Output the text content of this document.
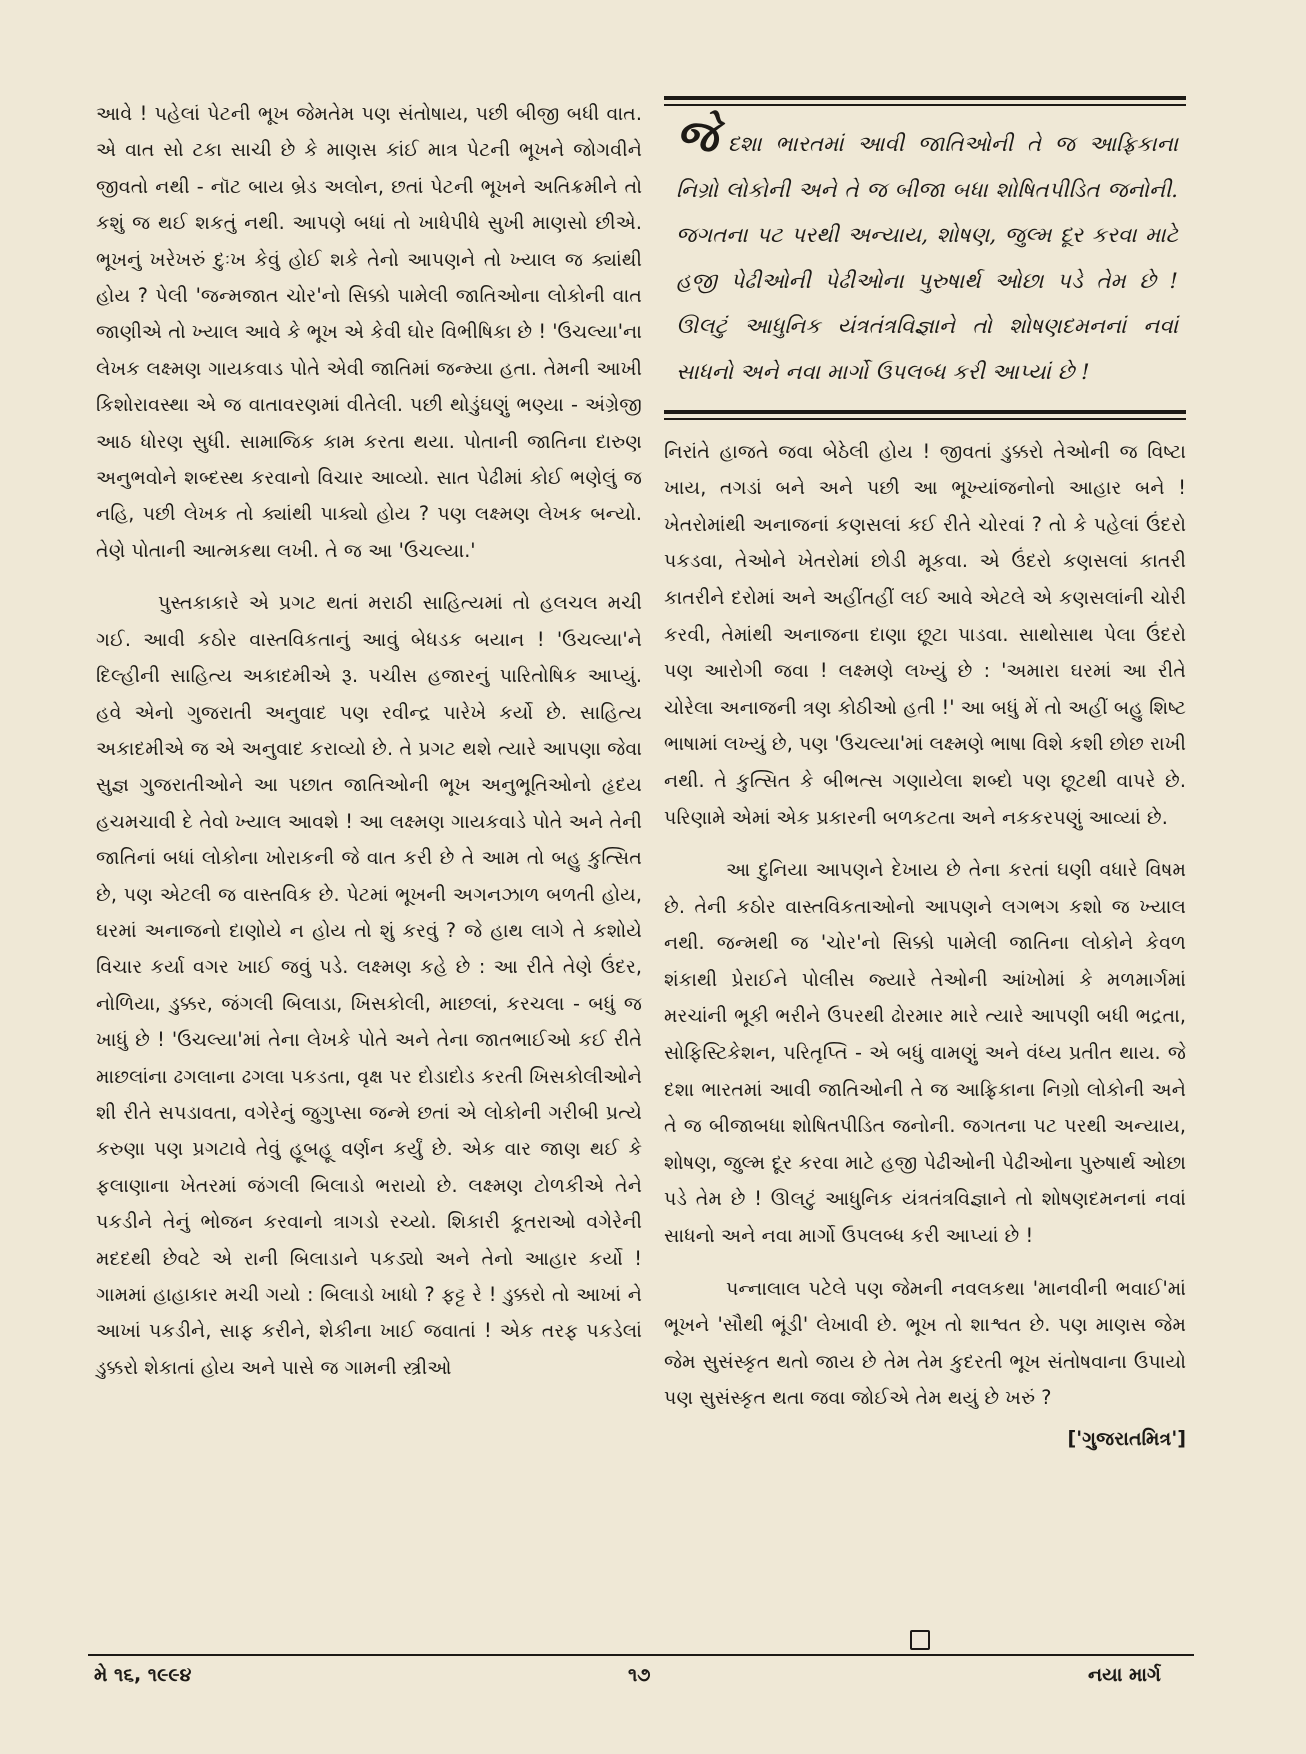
આવે ! પહેલાં પેટની ભૂખ જેમતેમ પણ સંતોષાય, પછી બીજી બધી વાત. એ વાત સો ટકા સાચી છે કે માણસ કાંઈ માત્ર પેટની ભૂખને જોગવીને જીવતો નથી - નૉટ બાય બ્રેડ અલોન, છતાં પેટની ભૂખને અતિક્રમીને તો કશું જ થઈ શકતું નથી. આપણે બધાં તો ખાધેપીધે સુખી માણસો છીએ. ભૂખનું ખરેખરું દુઃખ કેવું હોઈ શકે તેનો આપણને તો ખ્યાલ જ ક્યાંથી હોય ? પેલી 'જન્મજાત ચોર'નો સિક્કો પામેલી જાતિઓના લોકોની વાત જાણીએ તો ખ્યાલ આવે કે ભૂખ એ કેવી ઘોર વિભીષિકા છે ! 'ઉચલ્યા'ના લેખક લક્ષ્મણ ગાયકવાડ પોતે એવી જાતિમાં જન્મ્યા હતા. તેમની આખી કિશોરાવસ્થા એ જ વાતાવરણમાં વીતેલી. પછી થોડુંઘણું ભણ્યા - અંગ્રેજી આઠ ધોરણ સુધી. સામાજિક કામ કરતા થયા. પોતાની જાતિના દારુણ અનુભવોને શબ્દસ્થ કરવાનો વિચાર આવ્યો. સાત પેઢીમાં કોઈ ભણેલું જ નહિ, પછી લેખક તો ક્યાંથી પાક્યો હોય ? પણ લક્ષ્મણ લેખક બન્યો. તેણે પોતાની આત્મકથા લખી. તે જ આ 'ઉચલ્યા.'

પુસ્તકાકારે એ પ્રગટ થતાં મરાઠી સાહિત્યમાં તો હલચલ મચી ગઈ. આવી કઠોર વાસ્તવિકતાનું આવું બેધડક બયાન ! 'ઉચલ્યા'ને દિલ્હીની સાહિત્ય અકાદમીએ રૂ. પચીસ હજારનું પારિતોષિક આપ્યું. હવે એનો ગુજરાતી અનુવાદ પણ રવીન્દ્ર પારેખે કર્યો છે. સાહિત્ય અકાદમીએ જ એ અનુવાદ કરાવ્યો છે. તે પ્રગટ થશે ત્યારે આપણા જેવા સુજ્ઞ ગુજરાતીઓને આ પછાત જાતિઓની ભૂખ અનુભૂતિઓનો હૃદય હચમચાવી દે તેવો ખ્યાલ આવશે ! આ લક્ષ્મણ ગાયકવાડે પોતે અને તેની જાતિનાં બધાં લોકોના ખોરાકની જે વાત કરી છે તે આમ તો બહુ કુત્સિત છે, પણ એટલી જ વાસ્તવિક છે. પેટમાં ભૂખની અગનઝાળ બળતી હોય, ઘરમાં અનાજનો દાણોયે ન હોય તો શું કરવું ? જે હાથ લાગે તે કશોયે વિચાર કર્યા વગર ખાઈ જવું પડે. લક્ષ્મણ કહે છે : આ રીતે તેણે ઉંદર, નોળિયા, ડુક્કર, જંગલી બિલાડા, ખિસકોલી, માછલાં, કરચલા - બધું જ ખાધું છે ! 'ઉચલ્યા'માં તેના લેખકે પોતે અને તેના જાતભાઈઓ કઈ રીતે માછલાંના ઢગલાના ઢગલા પકડતા, વૃક્ષ પર દોડાદોડ કરતી ખિસકોલીઓને શી રીતે સપડાવતા, વગેરેનું જુગુપ્સા જન્મે છતાં એ લોકોની ગરીબી પ્રત્યે કરુણા પણ પ્રગટાવે તેવું હૂબહૂ વર્ણન કર્યું છે. એક વાર જાણ થઈ કે ફલાણાના ખેતરમાં જંગલી બિલાડો ભરાયો છે. લક્ષ્મણ ટોળકીએ તેને પકડીને તેનું ભોજન કરવાનો ત્રાગડો રચ્યો. શિકારી કૂતરાઓ વગેરેની મદદથી છેવટે એ રાની બિલાડાને પકડ્યો અને તેનો આહાર કર્યો ! ગામમાં હાહાકાર મચી ગયો : બિલાડો ખાધો ? ફટ્ટ રે ! ડુક્કરો તો આખાં ને આખાં પકડીને, સાફ કરીને, શેકીના ખાઈ જવાતાં ! એક તરફ પકડેલાં ડુક્કરો શેકાતાં હોય અને પાસે જ ગામની સ્ત્રીઓ

જેદશા ભારતમાં આવી જાતિઓની તે જ આફ્રિકાના નિગ્રો લોકોની અને તે જ બીજા બધા શોષિતપીડિત જનોની. જગતના પટ પરથી અન્યાય, શોષણ, જુલ્મ દૂર કરવા માટે હજી પેઢીઓની પેઢીઓના પુરુષાર્થ ઓછા પડે તેમ છે ! ઊલટું આધુનિક યંત્રતંત્રવિજ્ઞાને તો શોષણદમનનાં નવાં સાધનો અને નવા માર્ગો ઉપલબ્ધ કરી આપ્યાં છે !

નિરાંતે હાજતે જવા બેઠેલી હોય ! જીવતાં ડુક્કરો તેઓની જ વિષ્ટા ખાય, તગડાં બને અને પછી આ ભૂખ્યાંજનોનો આહાર બને ! ખેતરોમાંથી અનાજનાં કણસલાં કઈ રીતે ચોરવાં ? તો કે પહેલાં ઉંદરો પકડવા, તેઓને ખેતરોમાં છોડી મૂકવા. એ ઉંદરો કણસલાં કાતરી કાતરીને દરોમાં અને અહીંતહીં લઈ આવે એટલે એ કણસલાંની ચોરી કરવી, તેમાંથી અનાજના દાણા છૂટા પાડવા. સાથોસાથ પેલા ઉંદરો પણ આરોગી જવા ! લક્ષ્મણે લખ્યું છે : 'અમારા ઘરમાં આ રીતે ચોરેલા અનાજની ત્રણ કોઠીઓ હતી !' આ બધું મેં તો અહીં બહુ શિષ્ટ ભાષામાં લખ્યું છે, પણ 'ઉચલ્યા'માં લક્ષ્મણે ભાષા વિશે કશી છોછ રાખી નથી. તે કુત્સિત કે બીભત્સ ગણાયેલા શબ્દો પણ છૂટથી વાપરે છે. પરિણામે એમાં એક પ્રકારની બળકટતા અને નકકરપણું આવ્યાં છે.

આ દુનિયા આપણને દેખાય છે તેના કરતાં ઘણી વધારે વિષમ છે. તેની કઠોર વાસ્તવિકતાઓનો આપણને લગભગ કશો જ ખ્યાલ નથી. જન્મથી જ 'ચોર'નો સિક્કો પામેલી જાતિના લોકોને કેવળ શંકાથી પ્રેરાઈને પોલીસ જ્યારે તેઓની આંખોમાં કે મળમાર્ગમાં મરચાંની ભૂકી ભરીને ઉપરથી ઢોરમાર મારે ત્યારે આપણી બધી ભદ્રતા, સોફિસ્ટિકેશન, પરિતૃપ્તિ - એ બધું વામણું અને વંધ્ય પ્રતીત થાય. જે દશા ભારતમાં આવી જાતિઓની તે જ આફ્રિકાના નિગ્રો લોકોની અને તે જ બીજાબધા શોષિતપીડિત જનોની. જગતના પટ પરથી અન્યાય, શોષણ, જુલ્મ દૂર કરવા માટે હજી પેઢીઓની પેઢીઓના પુરુષાર્થ ઓછા પડે તેમ છે ! ઊલટું આધુનિક યંત્રતંત્રવિજ્ઞાને તો શોષણદમનનાં નવાં સાધનો અને નવા માર્ગો ઉપલબ્ધ કરી આપ્યાં છે !

પન્નાલાલ પટેલે પણ જેમની નવલકથા 'માનવીની ભવાઈ'માં ભૂખને 'સૌથી ભૂંડી' લેખાવી છે. ભૂખ તો શાશ્વત છે. પણ માણસ જેમ જેમ સુસંસ્કૃત થતો જાય છે તેમ તેમ કુદરતી ભૂખ સંતોષવાના ઉપાયો પણ સુસંસ્કૃત થતા જવા જોઈએ તેમ થયું છે ખરું ?

['ગુજરાતમિત્ર']

મે ૧૬, ૧૯૯૪	૧૭	નયા માર્ગ
